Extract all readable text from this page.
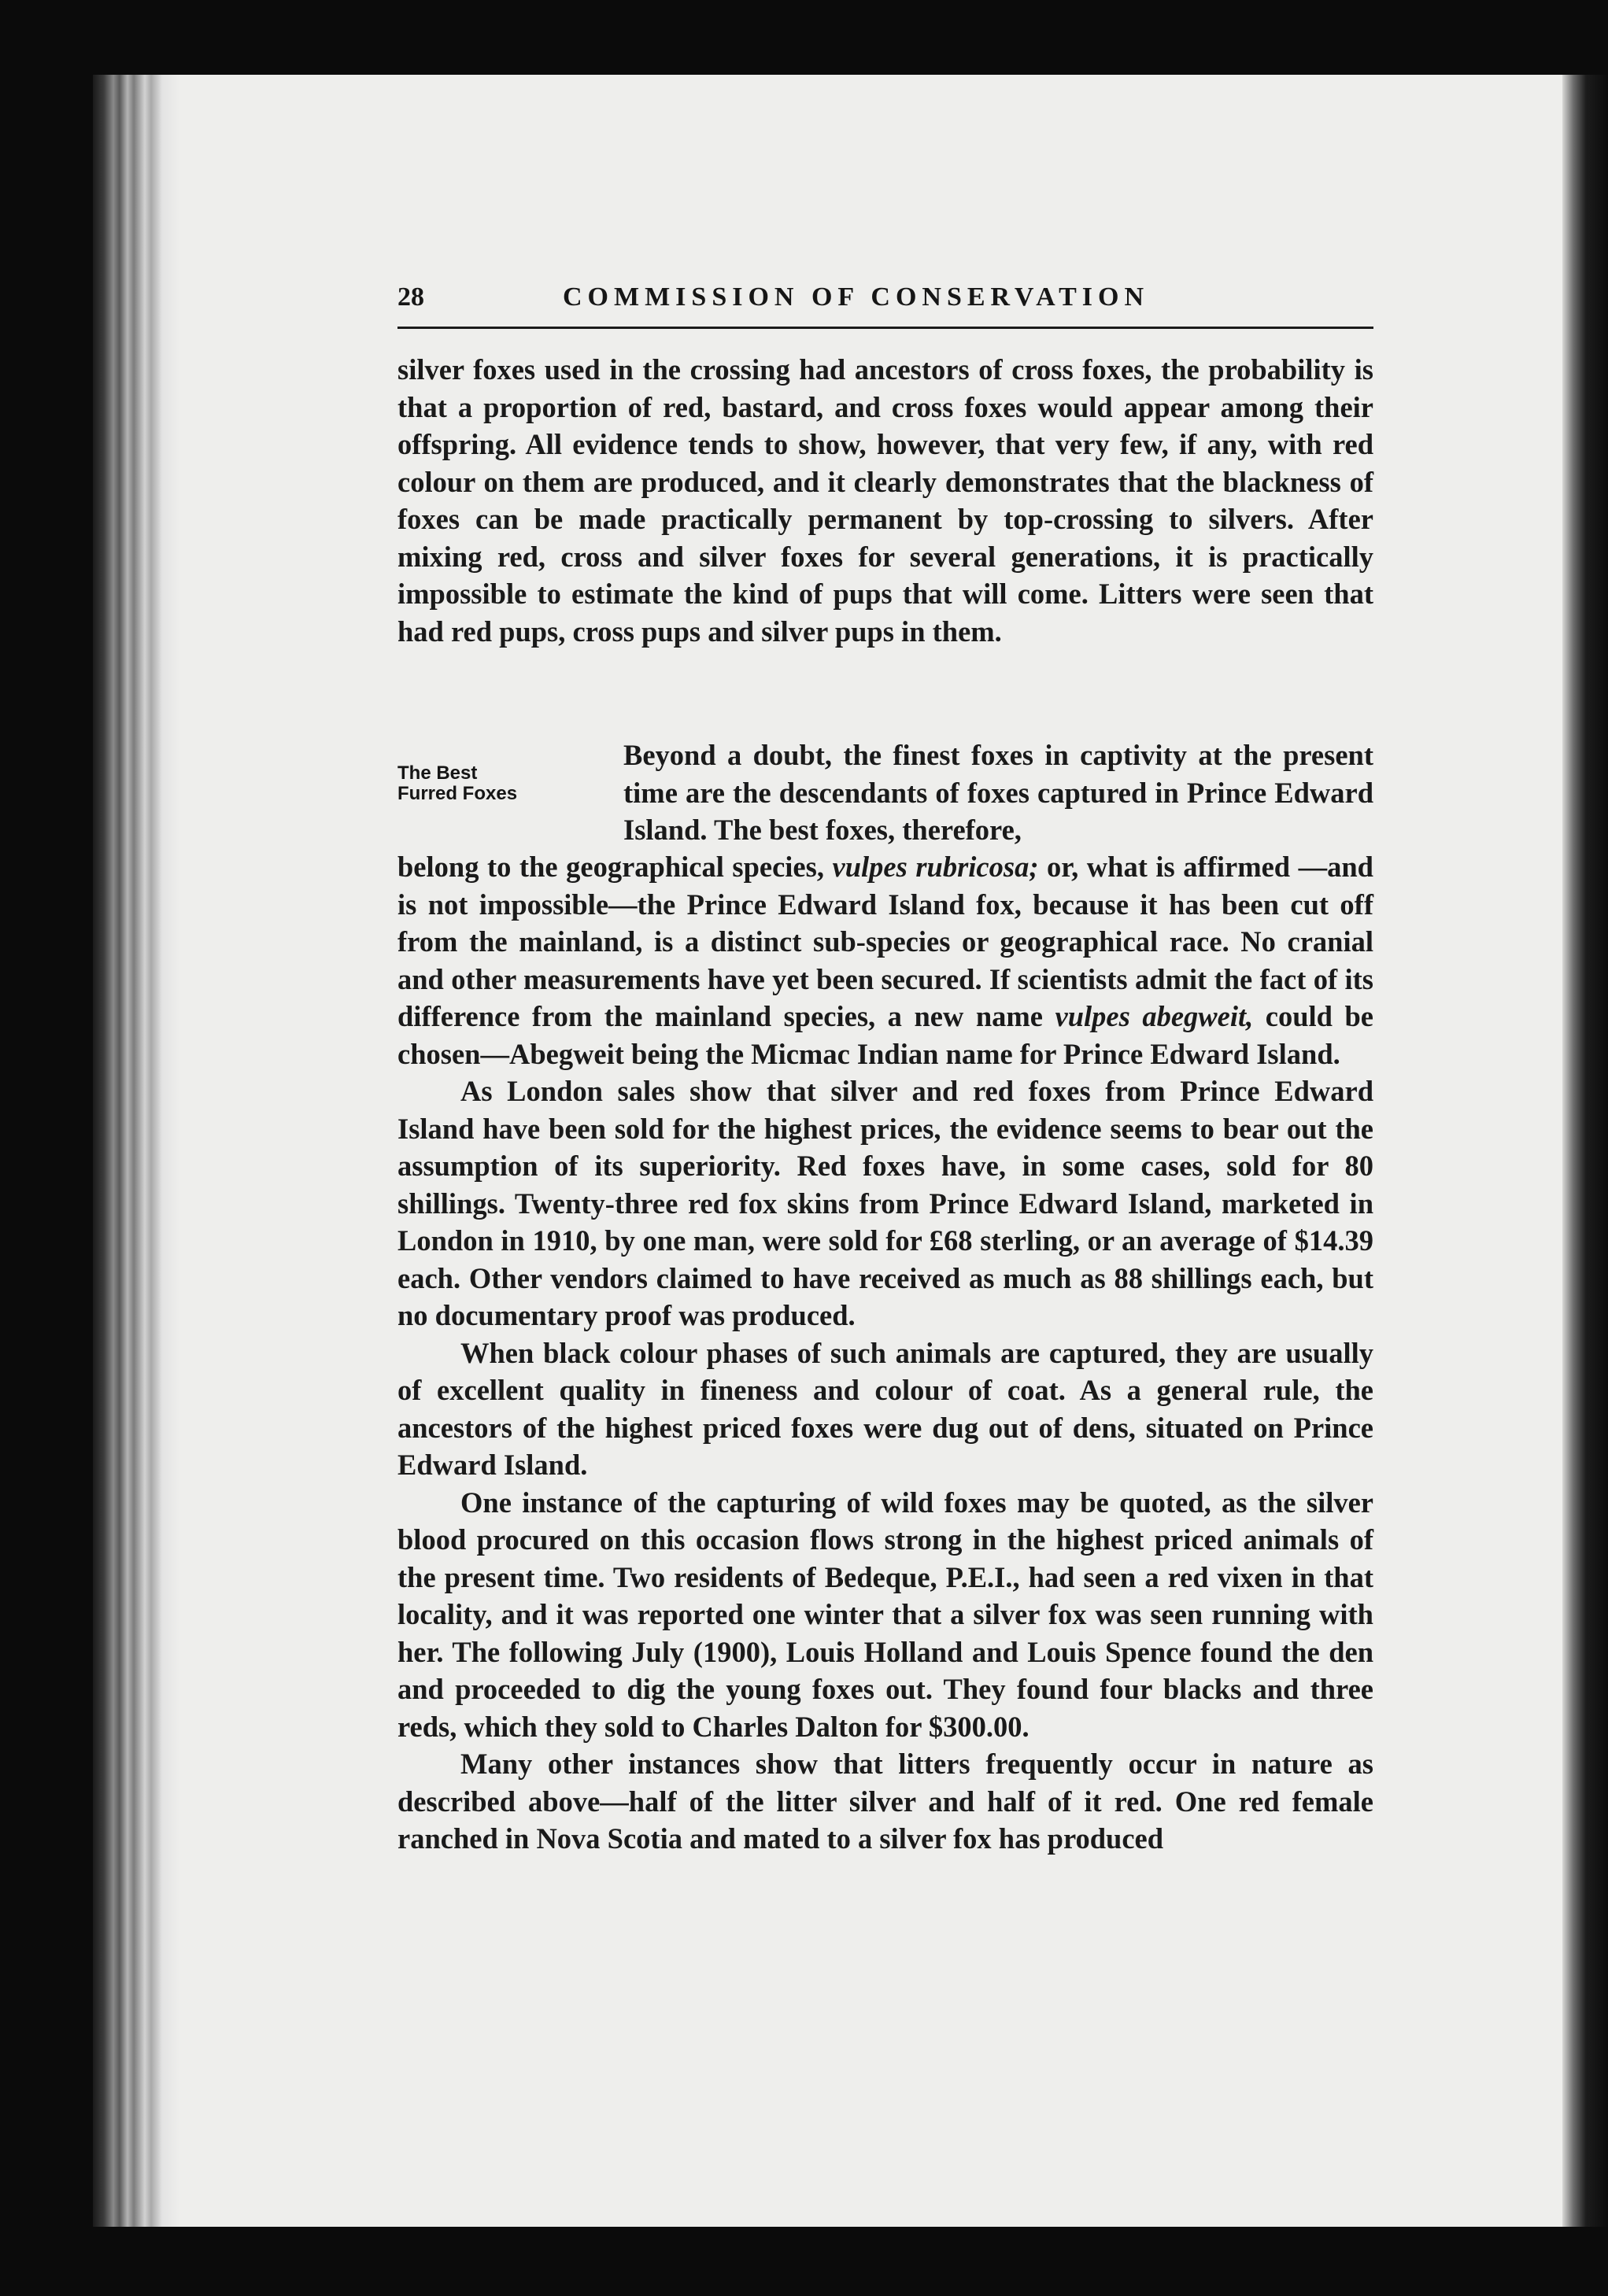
28	COMMISSION OF CONSERVATION

silver foxes used in the crossing had ancestors of cross foxes, the probability is that a proportion of red, bastard, and cross foxes would appear among their offspring. All evidence tends to show, however, that very few, if any, with red colour on them are produced, and it clearly demonstrates that the blackness of foxes can be made practically permanent by top-crossing to silvers. After mixing red, cross and silver foxes for several generations, it is practically impossible to estimate the kind of pups that will come. Litters were seen that had red pups, cross pups and silver pups in them.

The Best
Furred Foxes

Beyond a doubt, the finest foxes in captivity at the present time are the descendants of foxes captured in Prince Edward Island. The best foxes, therefore,

belong to the geographical species, vulpes rubricosa; or, what is affirmed —and is not impossible—the Prince Edward Island fox, because it has been cut off from the mainland, is a distinct sub-species or geographical race. No cranial and other measurements have yet been secured. If scientists admit the fact of its difference from the mainland species, a new name vulpes abegweit, could be chosen—Abegweit being the Micmac Indian name for Prince Edward Island.

As London sales show that silver and red foxes from Prince Edward Island have been sold for the highest prices, the evidence seems to bear out the assumption of its superiority. Red foxes have, in some cases, sold for 80 shillings. Twenty-three red fox skins from Prince Edward Island, marketed in London in 1910, by one man, were sold for £68 sterling, or an average of $14.39 each. Other vendors claimed to have received as much as 88 shillings each, but no documentary proof was produced.

When black colour phases of such animals are captured, they are usually of excellent quality in fineness and colour of coat. As a general rule, the ancestors of the highest priced foxes were dug out of dens, situated on Prince Edward Island.

One instance of the capturing of wild foxes may be quoted, as the silver blood procured on this occasion flows strong in the highest priced animals of the present time. Two residents of Bedeque, P.E.I., had seen a red vixen in that locality, and it was reported one winter that a silver fox was seen running with her. The following July (1900), Louis Holland and Louis Spence found the den and proceeded to dig the young foxes out. They found four blacks and three reds, which they sold to Charles Dalton for $300.00.

Many other instances show that litters frequently occur in nature as described above—half of the litter silver and half of it red. One red female ranched in Nova Scotia and mated to a silver fox has produced
